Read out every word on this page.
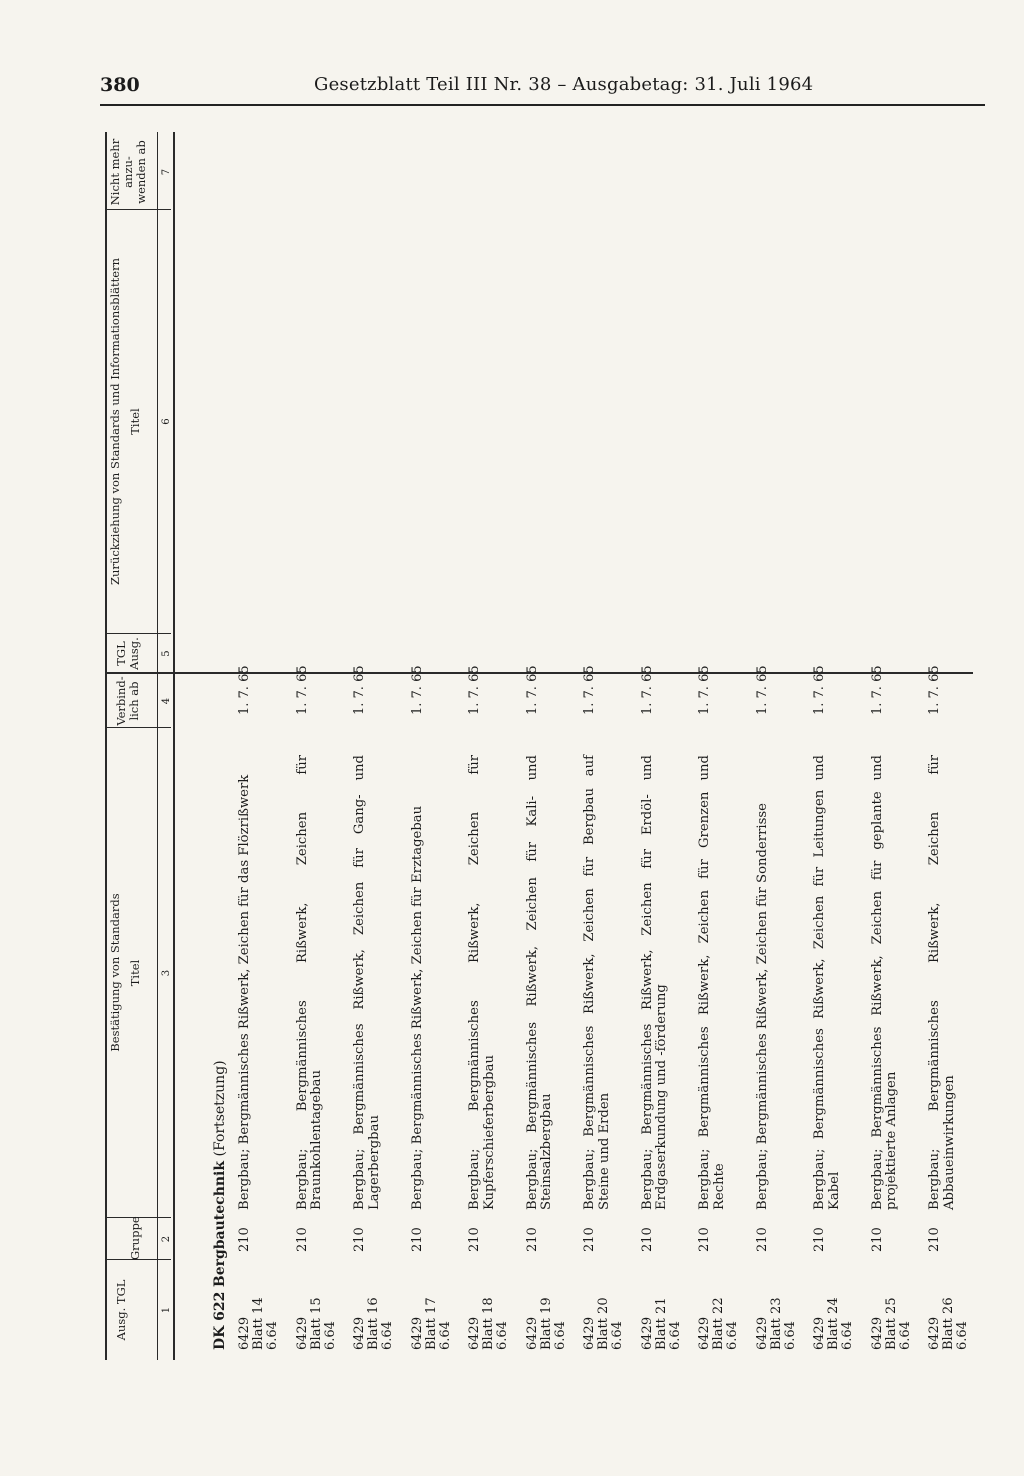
380	Gesetzblatt Teil III Nr. 38 – Ausgabetag: 31. Juli 1964
Bestätigung von Standards
Zurückziehung von Standards und Informationsblättern
Ausg. TGL
Gruppe
Titel
Verbind-lich ab
TGL Ausg.
Titel
Nicht mehr anzu-wenden ab
1
2
3
4
5
6
7
DK 622 Bergbautechnik (Fortsetzung)
6429
Blatt 14
6.64
210
Bergbau; Bergmännisches Rißwerk, Zeichen für das Flözrißwerk
1. 7. 65
6429
Blatt 15
6.64
210
Bergbau; Bergmännisches Rißwerk, Zeichen für Braunkohlentagebau
1. 7. 65
6429
Blatt 16
6.64
210
Bergbau; Bergmännisches Rißwerk, Zeichen für Gang- und Lagerbergbau
1. 7. 65
6429
Blatt 17
6.64
210
Bergbau; Bergmännisches Rißwerk, Zeichen für Erztagebau
1. 7. 65
6429
Blatt 18
6.64
210
Bergbau; Bergmännisches Rißwerk, Zeichen für Kupferschieferbergbau
1. 7. 65
6429
Blatt 19
6.64
210
Bergbau; Bergmännisches Rißwerk, Zeichen für Kali- und Steinsalzbergbau
1. 7. 65
6429
Blatt 20
6.64
210
Bergbau; Bergmännisches Rißwerk, Zeichen für Bergbau auf Steine und Erden
1. 7. 65
6429
Blatt 21
6.64
210
Bergbau; Bergmännisches Rißwerk, Zeichen für Erdöl- und Erdgaserkundung und -förderung
1. 7. 65
6429
Blatt 22
6.64
210
Bergbau; Bergmännisches Rißwerk, Zeichen für Grenzen und Rechte
1. 7. 65
6429
Blatt 23
6.64
210
Bergbau; Bergmännisches Rißwerk, Zeichen für Sonderrisse
1. 7. 65
6429
Blatt 24
6.64
210
Bergbau; Bergmännisches Rißwerk, Zeichen für Leitungen und Kabel
1. 7. 65
6429
Blatt 25
6.64
210
Bergbau; Bergmännisches Rißwerk, Zeichen für geplante und projektierte Anlagen
1. 7. 65
6429
Blatt 26
6.64
210
Bergbau; Bergmännisches Rißwerk, Zeichen für Abbaueinwirkungen
1. 7. 65
